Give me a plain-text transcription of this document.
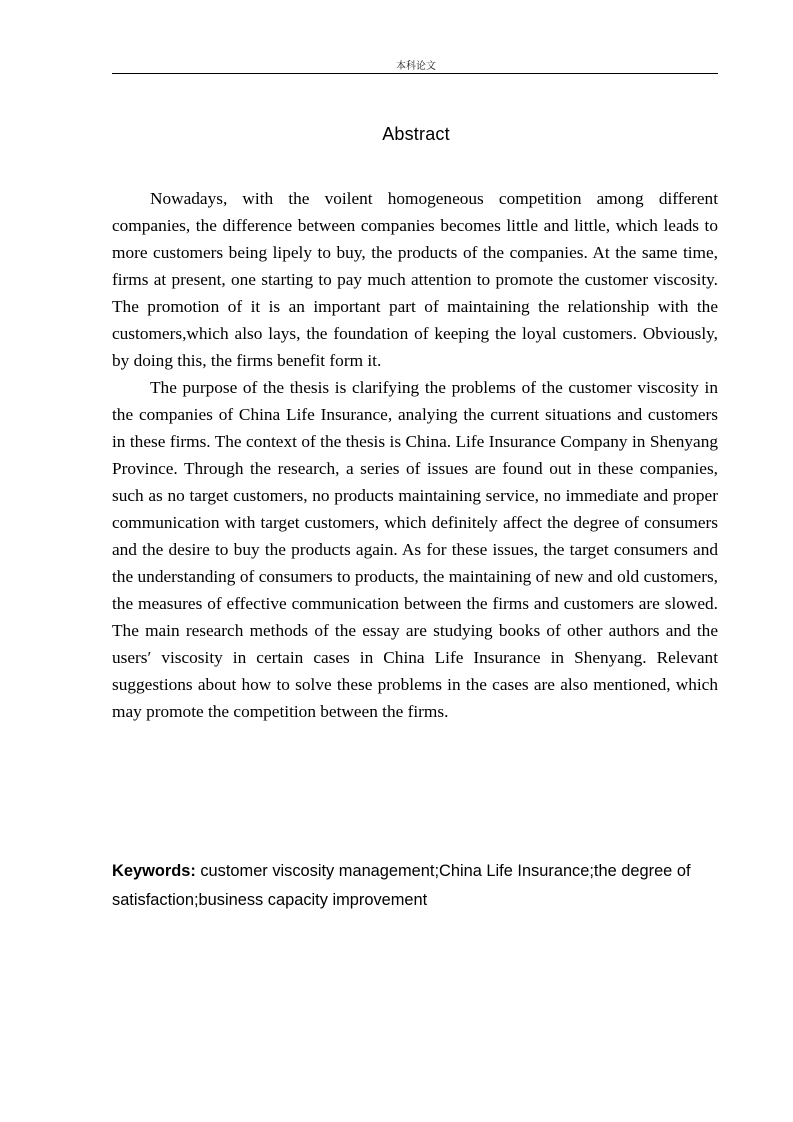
本科论文
Abstract

Nowadays, with the voilent homogeneous competition among different companies, the difference between companies becomes little and little, which leads to more customers being lipely to buy, the products of the companies. At the same time, firms at present, one starting to pay much attention to promote the customer viscosity. The promotion of it is an important part of maintaining the relationship with the customers,which also lays, the foundation of keeping the loyal customers. Obviously, by doing this, the firms benefit form it.

The purpose of the thesis is clarifying the problems of the customer viscosity in the companies of China Life Insurance, analying the current situations and customers in these firms. The context of the thesis is China. Life Insurance Company in Shenyang Province. Through the research, a series of issues are found out in these companies, such as no target customers, no products maintaining service, no immediate and proper communication with target customers, which definitely affect the degree of consumers and the desire to buy the products again. As for these issues, the target consumers and the understanding of consumers to products, the maintaining of new and old customers, the measures of effective communication between the firms and customers are slowed. The main research methods of the essay are studying books of other authors and the users′ viscosity in certain cases in China Life Insurance in Shenyang. Relevant suggestions about how to solve these problems in the cases are also mentioned, which may promote the competition between the firms.

Keywords: customer viscosity management;China Life Insurance;the degree of satisfaction;business capacity improvement
